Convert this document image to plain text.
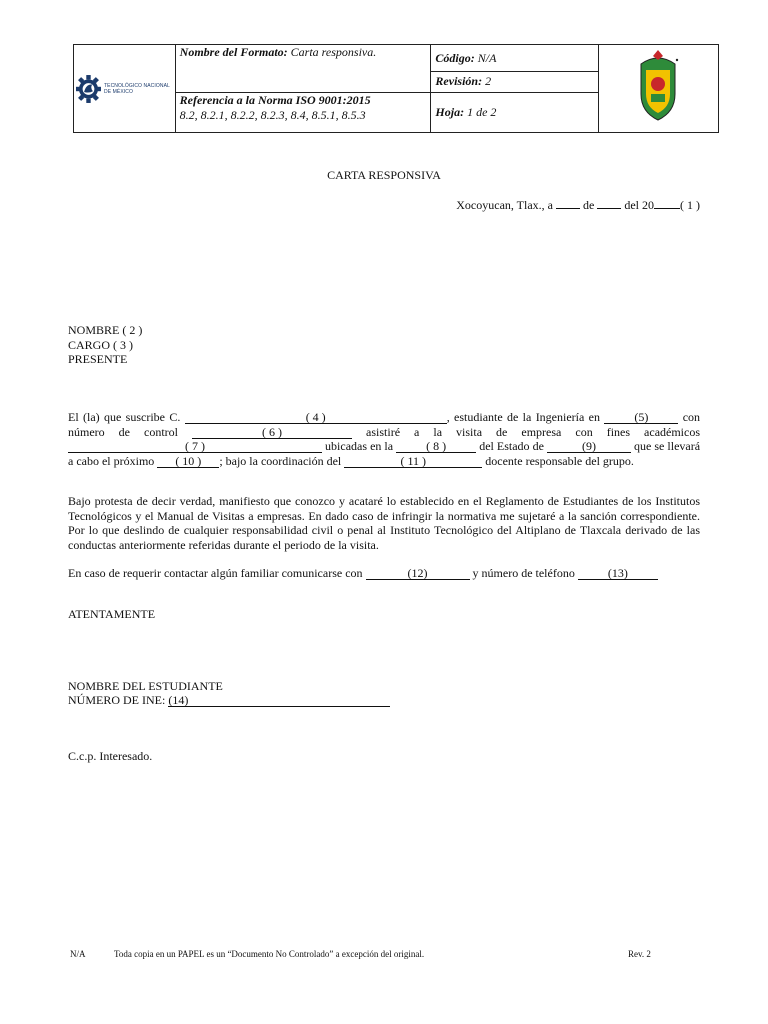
TECNOLÓGICO NACIONAL DE MÉXICO	Nombre del Formato: Carta responsiva.	Código: N/A	
		Revisión: 2	

	Referencia a la Norma ISO 9001:2015
8.2, 8.2.1, 8.2.2, 8.2.3, 8.4, 8.5.1, 8.5.3	Hoja: 1 de 2	
CARTA RESPONSIVA
Xocoyucan, Tlax., a	de	del 20 ( 1 )
NOMBRE ( 2 )
CARGO ( 3 )
PRESENTE
El (la) que suscribe C.	( 4 )	, estudiante de la Ingeniería en	(5)	con número de control	( 6 )	asistiré a la visita de empresa con fines académicos ( 7 )	ubicadas en la	( 8 )	del Estado de	(9)	que se llevará a cabo el próximo ( 10 ) ; bajo la coordinación del	( 11 )	docente responsable del grupo.
Bajo protesta de decir verdad, manifiesto que conozco y acataré lo establecido en el Reglamento de Estudiantes de los Institutos Tecnológicos y el Manual de Visitas a empresas. En dado caso de infringir la normativa me sujetaré a la sanción correspondiente. Por lo que deslindo de cualquier responsabilidad civil o penal al Instituto Tecnológico del Altiplano de Tlaxcala derivado de las conductas anteriormente referidas durante el periodo de la visita.
En caso de requerir contactar algún familiar comunicarse con	(12)	y número de teléfono	(13)
ATENTAMENTE
NOMBRE DEL ESTUDIANTE
NÚMERO DE INE: (14)
C.c.p. Interesado.
N/A	Toda copia en un PAPEL es un “Documento No Controlado” a excepción del original.	Rev. 2
